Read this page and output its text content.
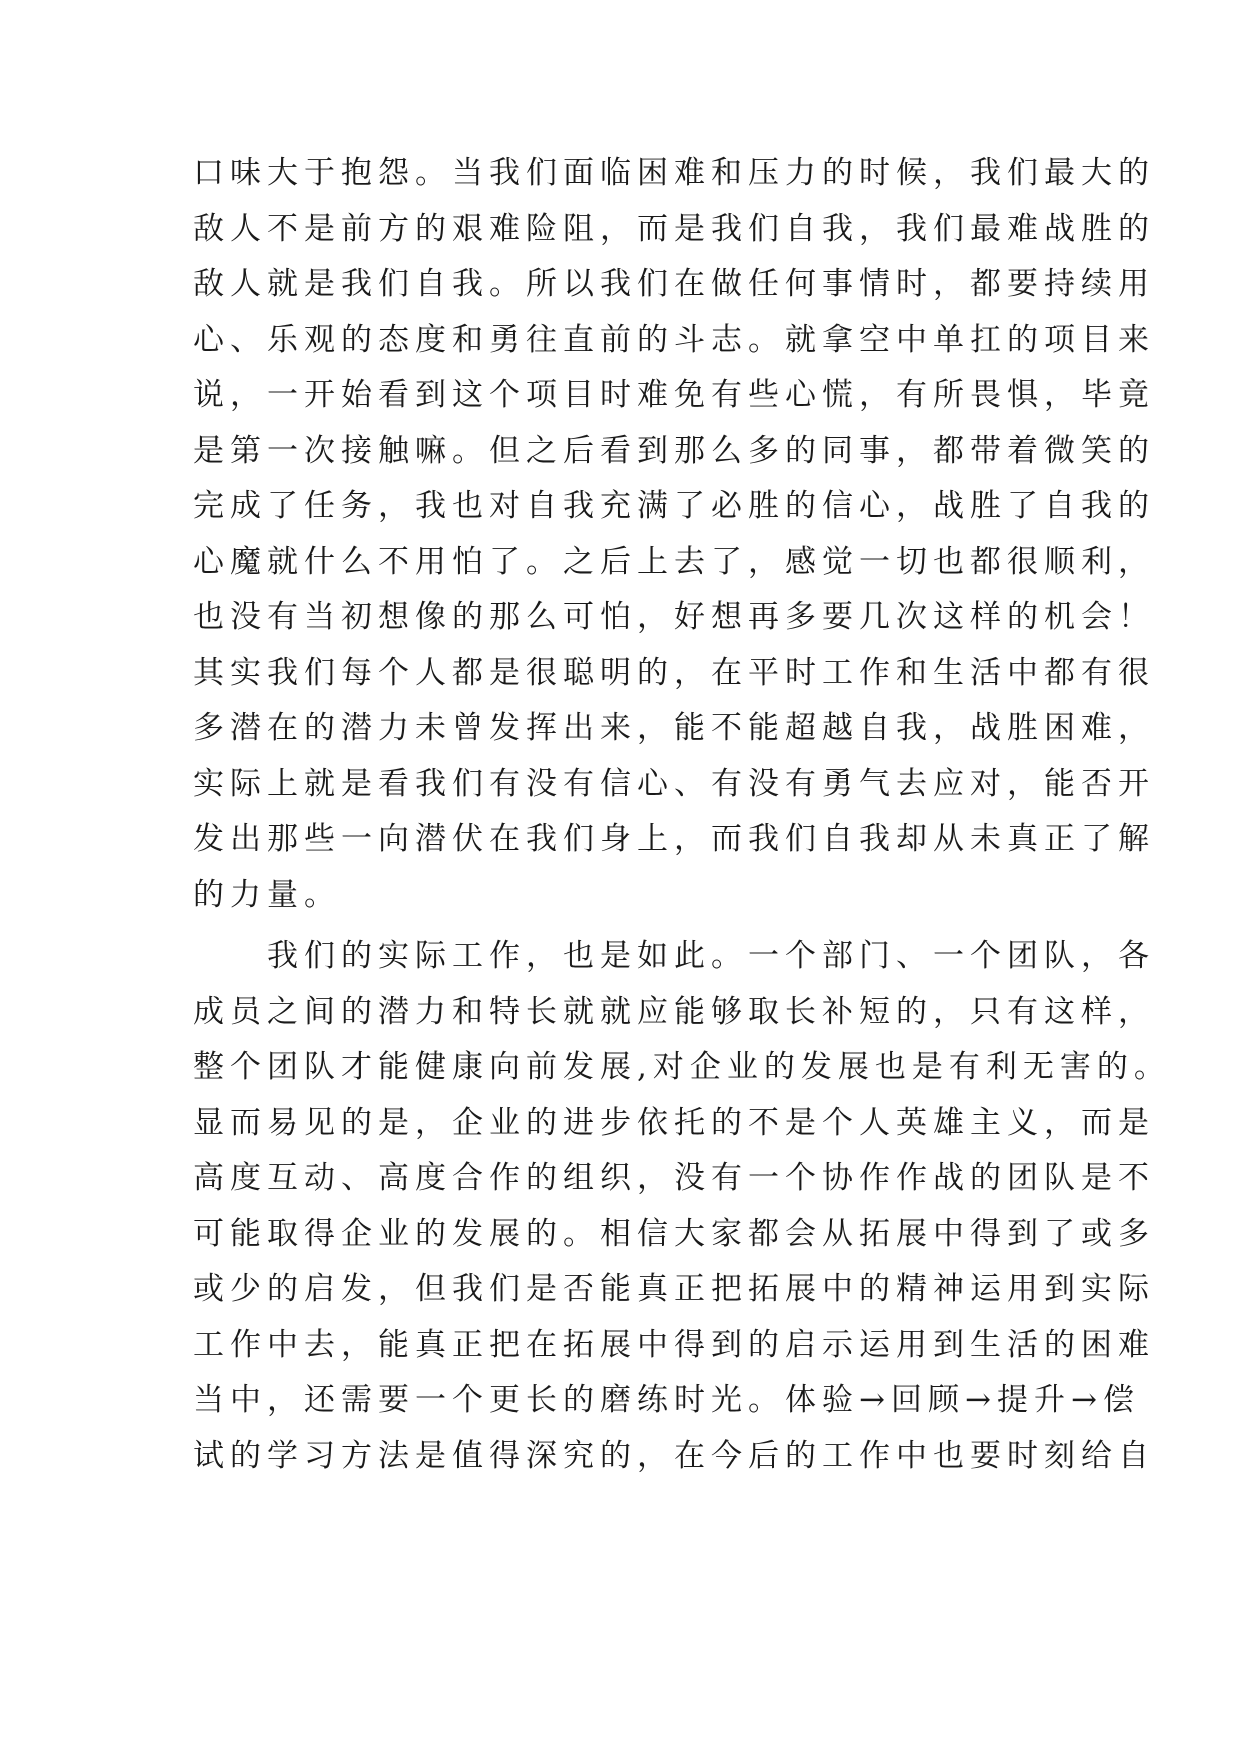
口味大于抱怨。当我们面临困难和压力的时候，我们最大的
敌人不是前方的艰难险阻，而是我们自我，我们最难战胜的
敌人就是我们自我。所以我们在做任何事情时，都要持续用
心、乐观的态度和勇往直前的斗志。就拿空中单扛的项目来
说，一开始看到这个项目时难免有些心慌，有所畏惧，毕竟
是第一次接触嘛。但之后看到那么多的同事，都带着微笑的
完成了任务，我也对自我充满了必胜的信心，战胜了自我的
心魔就什么不用怕了。之后上去了，感觉一切也都很顺利，
也没有当初想像的那么可怕，好想再多要几次这样的机会！
其实我们每个人都是很聪明的，在平时工作和生活中都有很
多潜在的潜力未曾发挥出来，能不能超越自我，战胜困难，
实际上就是看我们有没有信心、有没有勇气去应对，能否开
发出那些一向潜伏在我们身上，而我们自我却从未真正了解
的力量。
　　我们的实际工作，也是如此。一个部门、一个团队，各
成员之间的潜力和特长就就应能够取长补短的，只有这样，
整个团队才能健康向前发展,对企业的发展也是有利无害的。
显而易见的是，企业的进步依托的不是个人英雄主义，而是
高度互动、高度合作的组织，没有一个协作作战的团队是不
可能取得企业的发展的。相信大家都会从拓展中得到了或多
或少的启发，但我们是否能真正把拓展中的精神运用到实际
工作中去，能真正把在拓展中得到的启示运用到生活的困难
当中，还需要一个更长的磨练时光。体验→回顾→提升→偿
试的学习方法是值得深究的，在今后的工作中也要时刻给自
